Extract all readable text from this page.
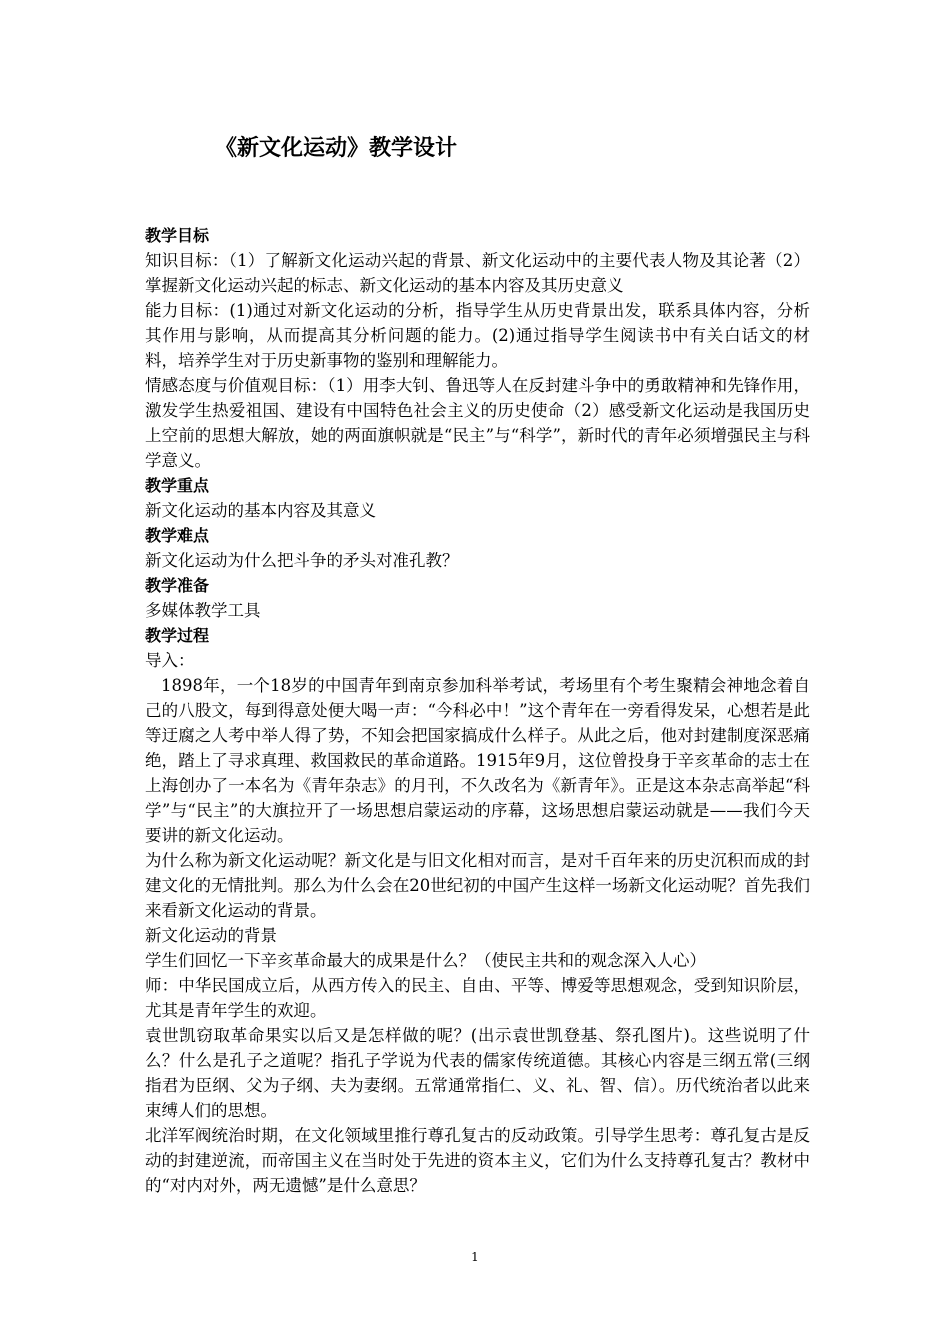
《新文化运动》教学设计

教学目标

知识目标：（1）了解新文化运动兴起的背景、新文化运动中的主要代表人物及其论著（2）掌握新文化运动兴起的标志、新文化运动的基本内容及其历史意义

能力目标：(1)通过对新文化运动的分析，指导学生从历史背景出发，联系具体内容，分析其作用与影响，从而提高其分析问题的能力。(2)通过指导学生阅读书中有关白话文的材料，培养学生对于历史新事物的鉴别和理解能力。

情感态度与价值观目标：（1）用李大钊、鲁迅等人在反封建斗争中的勇敢精神和先锋作用，激发学生热爱祖国、建设有中国特色社会主义的历史使命（2）感受新文化运动是我国历史上空前的思想大解放，她的两面旗帜就是“民主”与“科学”，新时代的青年必须增强民主与科学意义。

教学重点

新文化运动的基本内容及其意义

教学难点

新文化运动为什么把斗争的矛头对准孔教？

教学准备

多媒体教学工具

教学过程

导入：

1898年，一个18岁的中国青年到南京参加科举考试，考场里有个考生聚精会神地念着自己的八股文，每到得意处便大喝一声：“今科必中！”这个青年在一旁看得发呆，心想若是此等迂腐之人考中举人得了势，不知会把国家搞成什么样子。从此之后，他对封建制度深恶痛绝，踏上了寻求真理、救国救民的革命道路。1915年9月，这位曾投身于辛亥革命的志士在上海创办了一本名为《青年杂志》的月刊，不久改名为《新青年》。正是这本杂志高举起“科学”与“民主”的大旗拉开了一场思想启蒙运动的序幕，这场思想启蒙运动就是——我们今天要讲的新文化运动。

为什么称为新文化运动呢？新文化是与旧文化相对而言，是对千百年来的历史沉积而成的封建文化的无情批判。那么为什么会在20世纪初的中国产生这样一场新文化运动呢？首先我们来看新文化运动的背景。

新文化运动的背景

学生们回忆一下辛亥革命最大的成果是什么？（使民主共和的观念深入人心）

师：中华民国成立后，从西方传入的民主、自由、平等、博爱等思想观念，受到知识阶层，尤其是青年学生的欢迎。

袁世凯窃取革命果实以后又是怎样做的呢？(出示袁世凯登基、祭孔图片)。这些说明了什么？什么是孔子之道呢？指孔子学说为代表的儒家传统道德。其核心内容是三纲五常(三纲指君为臣纲、父为子纲、夫为妻纲。五常通常指仁、义、礼、智、信）。历代统治者以此来束缚人们的思想。

北洋军阀统治时期，在文化领域里推行尊孔复古的反动政策。引导学生思考：尊孔复古是反动的封建逆流，而帝国主义在当时处于先进的资本主义，它们为什么支持尊孔复古？教材中的“对内对外，两无遗憾”是什么意思？

1
